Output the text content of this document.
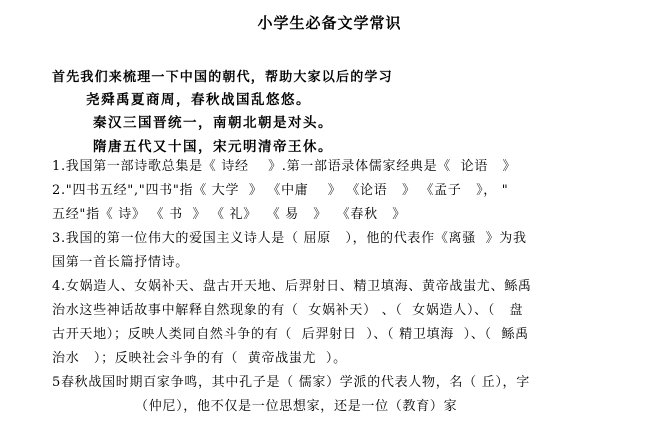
小学生必备文学常识
首先我们来梳理一下中国的朝代，帮助大家以后的学习
尧舜禹夏商周，春秋战国乱悠悠。
秦汉三国晋统一，南朝北朝是对头。
隋唐五代又十国，宋元明清帝王休。
1.我国第一部诗歌总集是《 诗经    》.第一部语录体儒家经典是《  论语   》
2."四书五经","四书"指《 大学  》 《中庸    》 《论语   》 《孟子   》， "
五经"指《 诗》 《 书  》 《 礼》  《 易   》  《春秋   》
3.我国的第一位伟大的爱国主义诗人是（ 屈原   ），他的代表作《离骚  》为我
国第一首长篇抒情诗。
4.女娲造人、女娲补天、盘古开天地、后羿射日、精卫填海、黄帝战蚩尤、鲧禹
治水这些神话故事中解释自然现象的有（  女娲补天） 、（  女娲造人）、（   盘
古开天地）；反映人类同自然斗争的有（  后羿射日  ）、（ 精卫填海  ）、（  鲧禹
治水   ）；反映社会斗争的有（  黄帝战蚩尤  ）。
5春秋战国时期百家争鸣，其中孔子是（ 儒家）学派的代表人物，名（ 丘），字
（仲尼），他不仅是一位思想家，还是一位（教育）家
